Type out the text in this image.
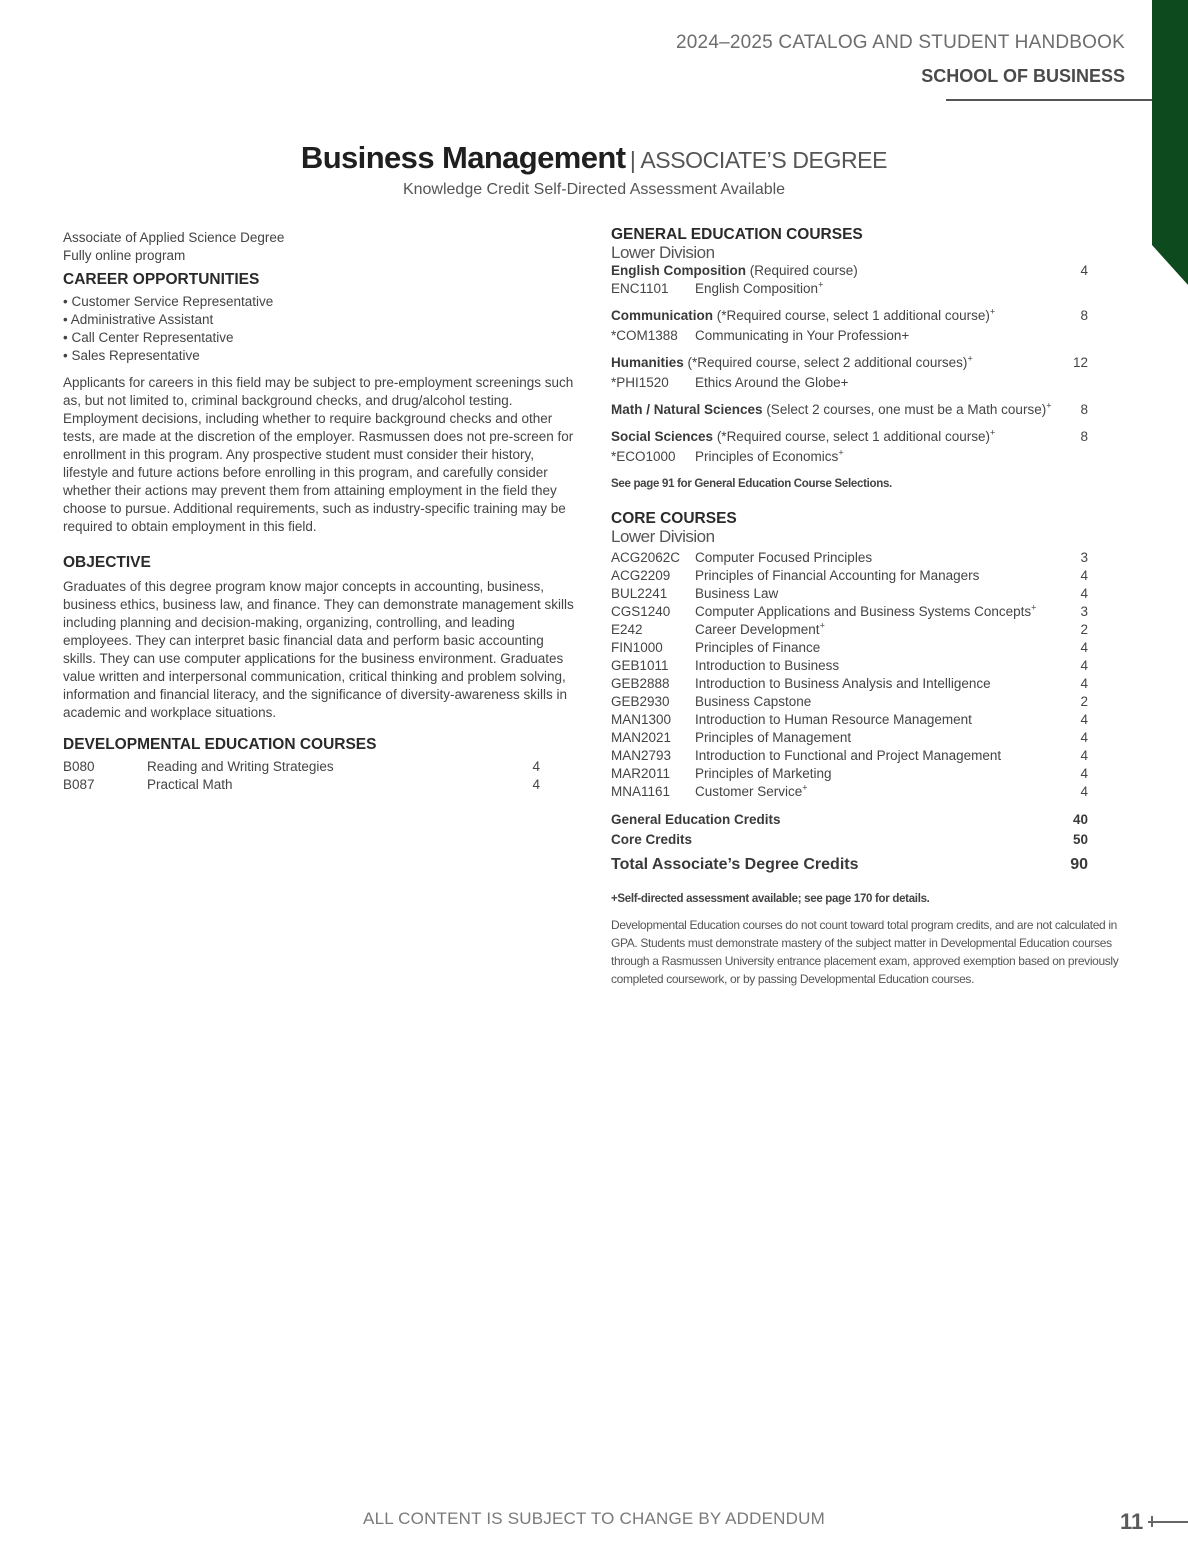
2024–2025 CATALOG AND STUDENT HANDBOOK
SCHOOL OF BUSINESS
Business Management | ASSOCIATE’S DEGREE
Knowledge Credit Self-Directed Assessment Available
Associate of Applied Science Degree
Fully online program
CAREER OPPORTUNITIES
• Customer Service Representative
• Administrative Assistant
• Call Center Representative
• Sales Representative

Applicants for careers in this field may be subject to pre-employment screenings such as, but not limited to, criminal background checks, and drug/alcohol testing. Employment decisions, including whether to require background checks and other tests, are made at the discretion of the employer. Rasmussen does not pre-screen for enrollment in this program. Any prospective student must consider their history, lifestyle and future actions before enrolling in this program, and carefully consider whether their actions may prevent them from attaining employment in the field they choose to pursue. Additional requirements, such as industry-specific training may be required to obtain employment in this field.

OBJECTIVE

Graduates of this degree program know major concepts in accounting, business, business ethics, business law, and finance. They can demonstrate management skills including planning and decision-making, organizing, controlling, and leading employees. They can interpret basic financial data and perform basic accounting skills. They can use computer applications for the business environment. Graduates value written and interpersonal communication, critical thinking and problem solving, information and financial literacy, and the significance of diversity-awareness skills in academic and workplace situations.

DEVELOPMENTAL EDUCATION COURSES
B080	Reading and Writing Strategies	4
B087	Practical Math	4
GENERAL EDUCATION COURSES

Lower Division

English Composition (Required course)	4
ENC1101	English Composition+
Communication (*Required course, select 1 additional course)+	8
*COM1388	Communicating in Your Profession+
Humanities (*Required course, select 2 additional courses)+	12
*PHI1520	Ethics Around the Globe+
Math / Natural Sciences (Select 2 courses, one must be a Math course)+	8
Social Sciences (*Required course, select 1 additional course)+	8
*ECO1000	Principles of Economics+
See page 91 for General Education Course Selections.
CORE COURSES

Lower Division

ACG2062C	Computer Focused Principles	3
ACG2209	Principles of Financial Accounting for Managers	4
BUL2241	Business Law	4
CGS1240	Computer Applications and Business Systems Concepts+	3
E242	Career Development+	2
FIN1000	Principles of Finance	4
GEB1011	Introduction to Business	4
GEB2888	Introduction to Business Analysis and Intelligence	4
GEB2930	Business Capstone	2
MAN1300	Introduction to Human Resource Management	4
MAN2021	Principles of Management	4
MAN2793	Introduction to Functional and Project Management	4
MAR2011	Principles of Marketing	4
MNA1161	Customer Service+	4
General Education Credits	40
Core Credits	50
Total Associate’s Degree Credits	90
+Self-directed assessment available; see page 170 for details.

Developmental Education courses do not count toward total program credits, and are not calculated in GPA. Students must demonstrate mastery of the subject matter in Developmental Education courses through a Rasmussen University entrance placement exam, approved exemption based on previously completed coursework, or by passing Developmental Education courses.

ALL CONTENT IS SUBJECT TO CHANGE BY ADDENDUM	11
